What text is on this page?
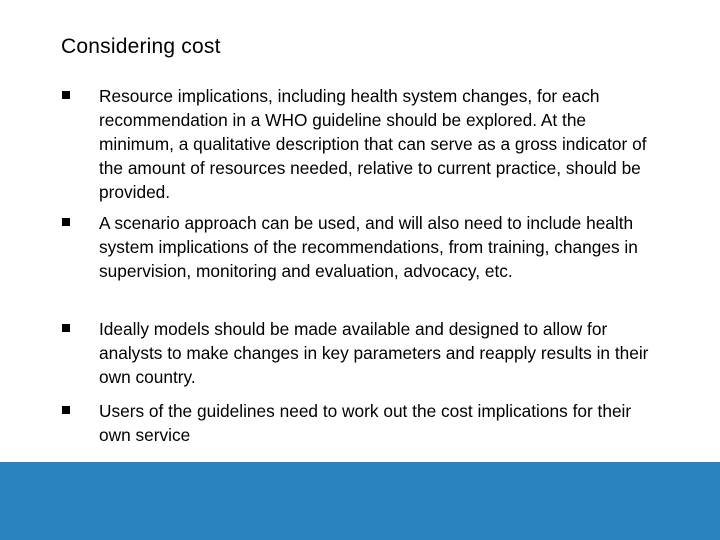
Considering cost

Resource implications, including health system changes, for each recommendation in a WHO guideline should be explored. At the minimum, a qualitative description that can serve as a gross indicator of the amount of resources needed, relative to current practice, should be provided.

A scenario approach can be used, and will also need to include health system implications of the recommendations, from training, changes in supervision, monitoring and evaluation, advocacy, etc.

Ideally models should be made available and designed to allow for analysts to make changes in key parameters and reapply results in their own country.

Users of the guidelines need to work out the cost implications for their own service
